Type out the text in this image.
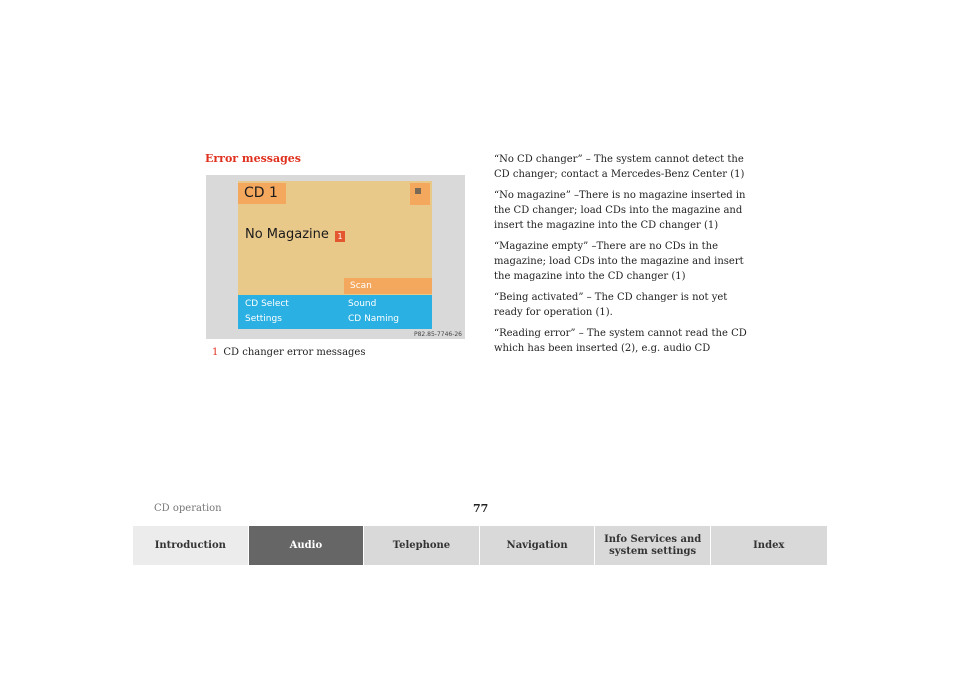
Error messages
CD 1
No Magazine	1
Scan
CD Select	Sound
Settings	CD Naming
P82.85-7746-26
1 CD changer error messages

“No CD changer” – The system cannot detect the CD changer; contact a Mercedes-Benz Center (1)

“No magazine” –There is no magazine inserted in the CD changer; load CDs into the magazine and insert the magazine into the CD changer (1)

“Magazine empty” –There are no CDs in the magazine; load CDs into the magazine and insert the magazine into the CD changer (1)

“Being activated” – The CD changer is not yet ready for operation (1).

“Reading error” – The system cannot read the CD which has been inserted (2), e.g. audio CD

CD operation	77
Introduction	Audio	Telephone	Navigation
Info Services and
system settings
Index
